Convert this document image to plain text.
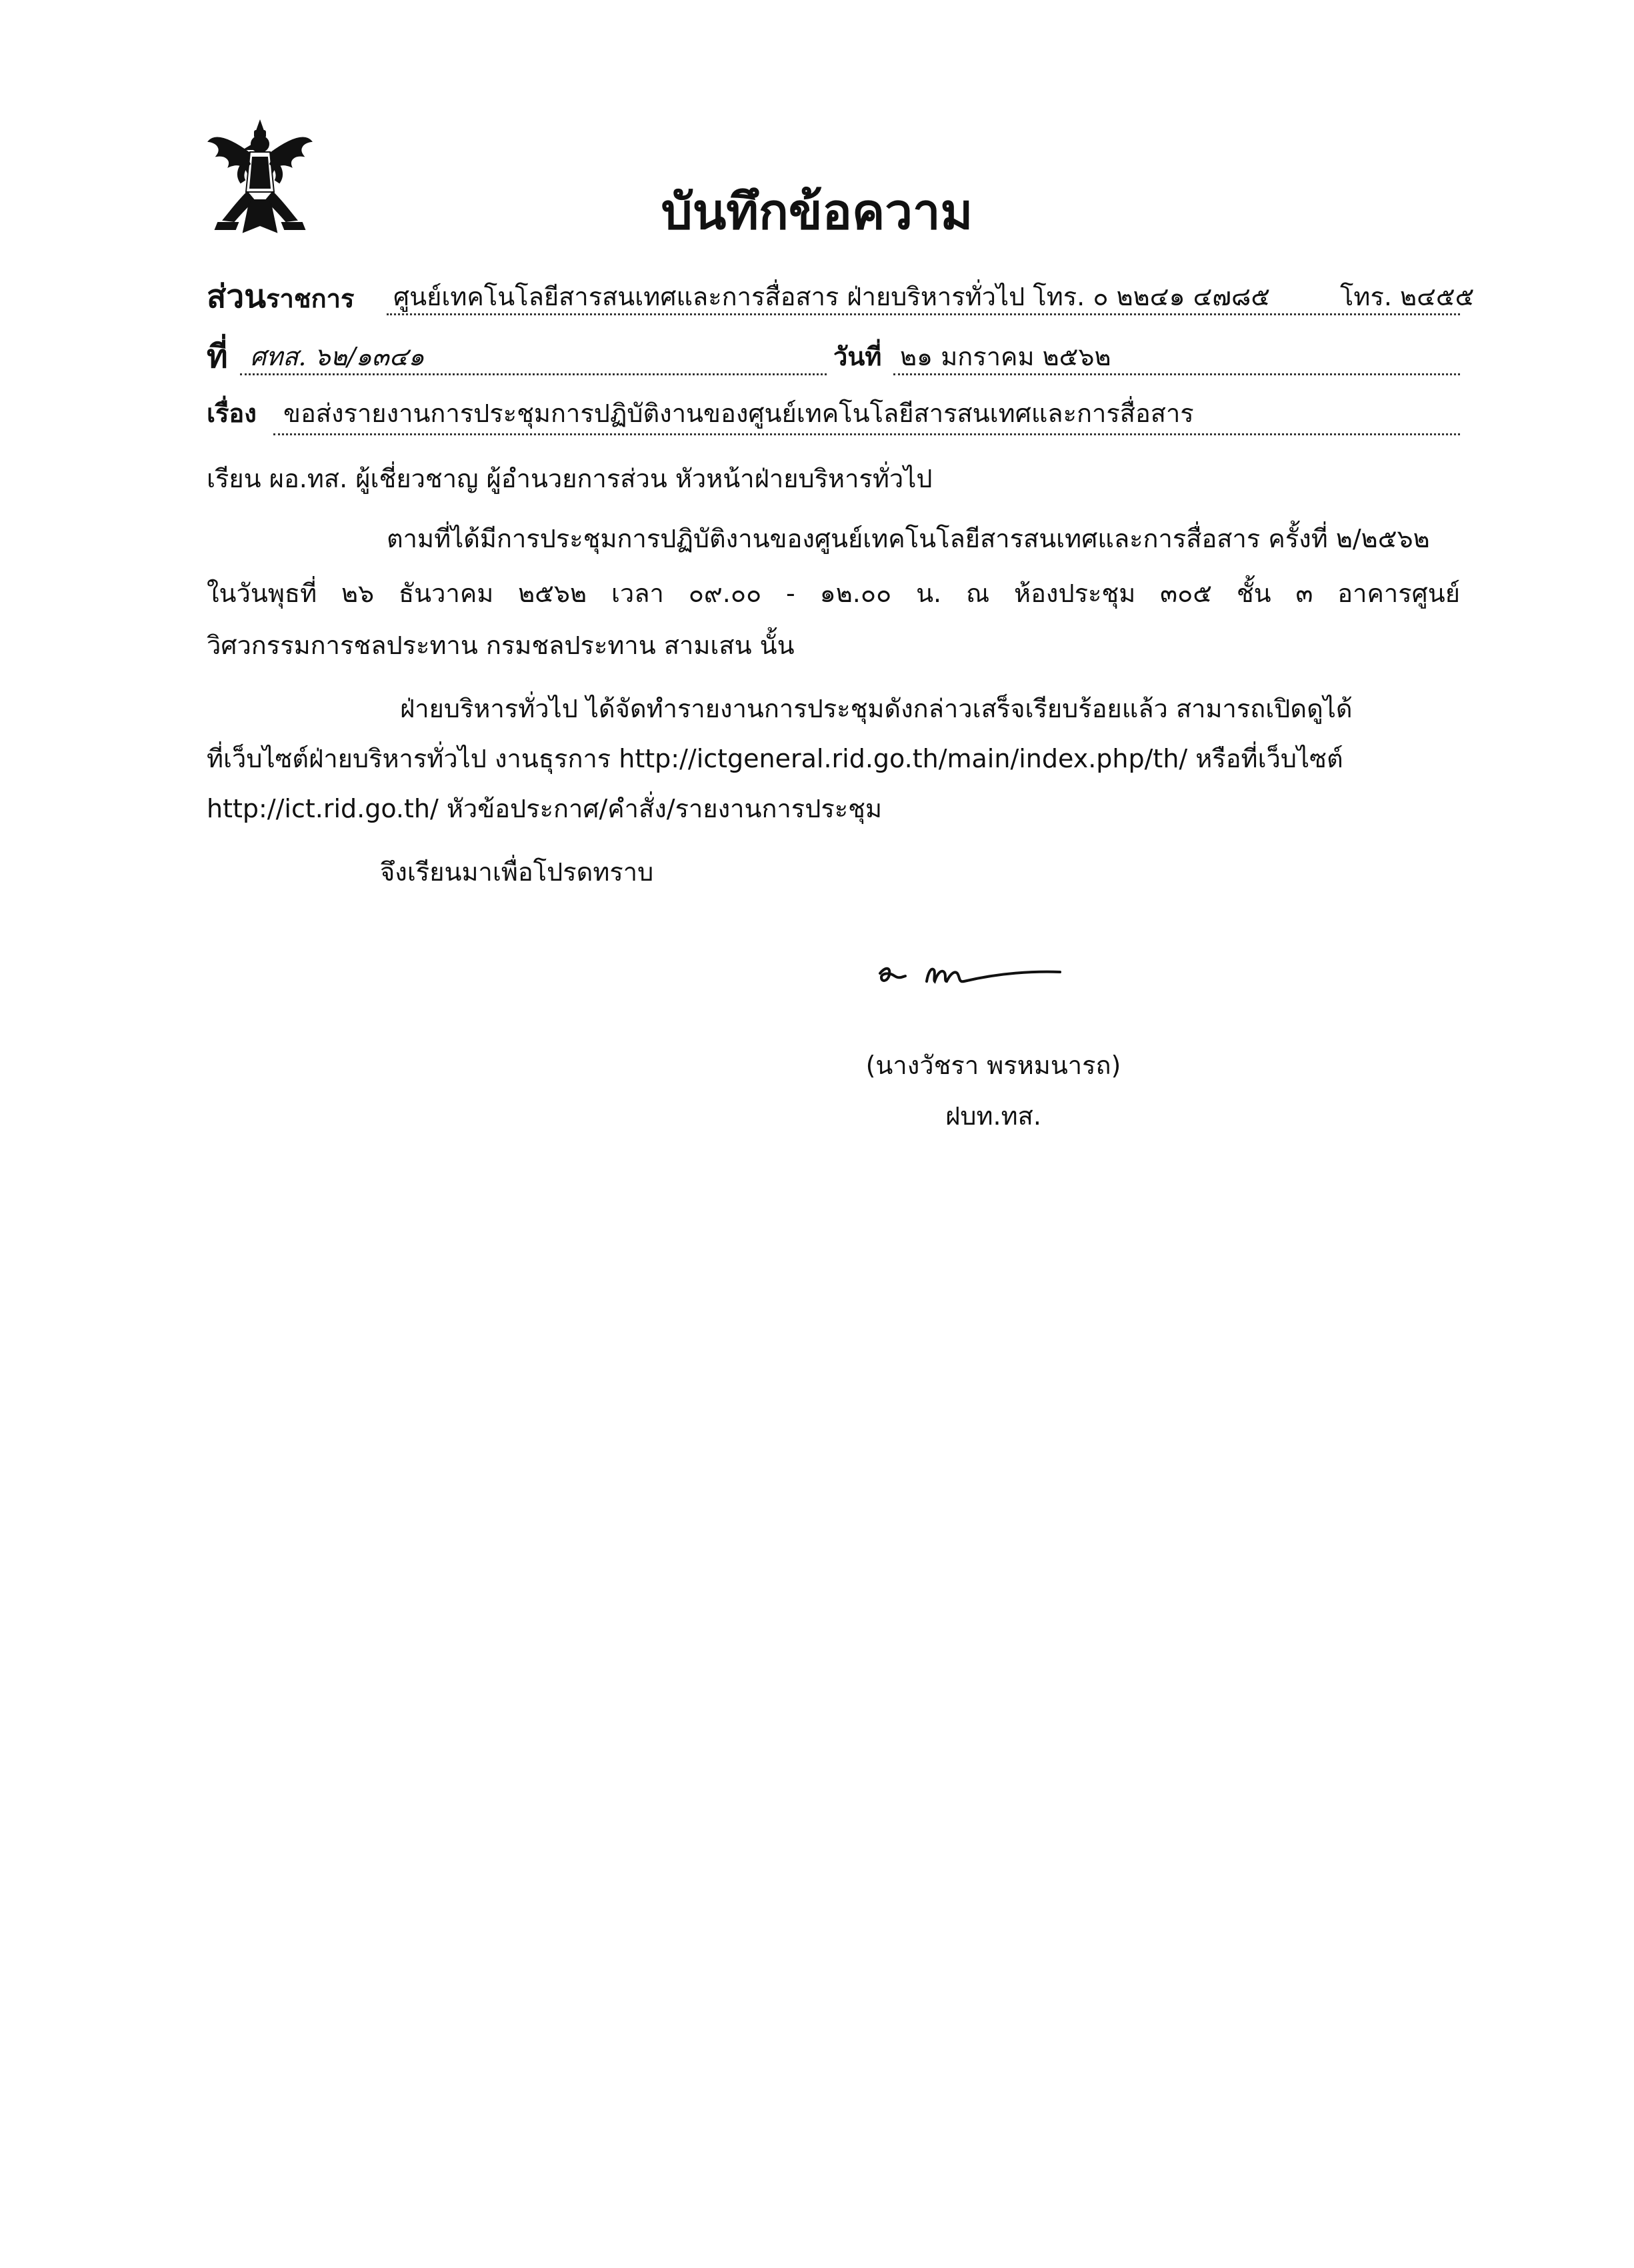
บันทึกข้อความ
ส่วนราชการ ศูนย์เทคโนโลยีสารสนเทศและการสื่อสาร ฝ่ายบริหารทั่วไป โทร. ๐ ๒๒๔๑ ๔๗๘๕	โทร. ๒๔๕๕
ที่ ศทส. ๖๒/๑๓๔๑	วันที่ ๒๑ มกราคม ๒๕๖๒
เรื่อง ขอส่งรายงานการประชุมการปฏิบัติงานของศูนย์เทคโนโลยีสารสนเทศและการสื่อสาร
เรียน ผอ.ทส. ผู้เชี่ยวชาญ ผู้อำนวยการส่วน หัวหน้าฝ่ายบริหารทั่วไป
ตามที่ได้มีการประชุมการปฏิบัติงานของศูนย์เทคโนโลยีสารสนเทศและการสื่อสาร ครั้งที่ ๒/๒๕๖๒
ในวันพุธที่ ๒๖ ธันวาคม ๒๕๖๒ เวลา ๐๙.๐๐ - ๑๒.๐๐ น. ณ ห้องประชุม ๓๐๕ ชั้น ๓ อาคารศูนย์
วิศวกรรมการชลประทาน กรมชลประทาน สามเสน นั้น
ฝ่ายบริหารทั่วไป ได้จัดทำรายงานการประชุมดังกล่าวเสร็จเรียบร้อยแล้ว สามารถเปิดดูได้
ที่เว็บไซต์ฝ่ายบริหารทั่วไป งานธุรการ http://ictgeneral.rid.go.th/main/index.php/th/ หรือที่เว็บไซต์
http://ict.rid.go.th/ หัวข้อประกาศ/คำสั่ง/รายงานการประชุม
จึงเรียนมาเพื่อโปรดทราบ
(นางวัชรา พรหมนารถ)
ฝบท.ทส.
